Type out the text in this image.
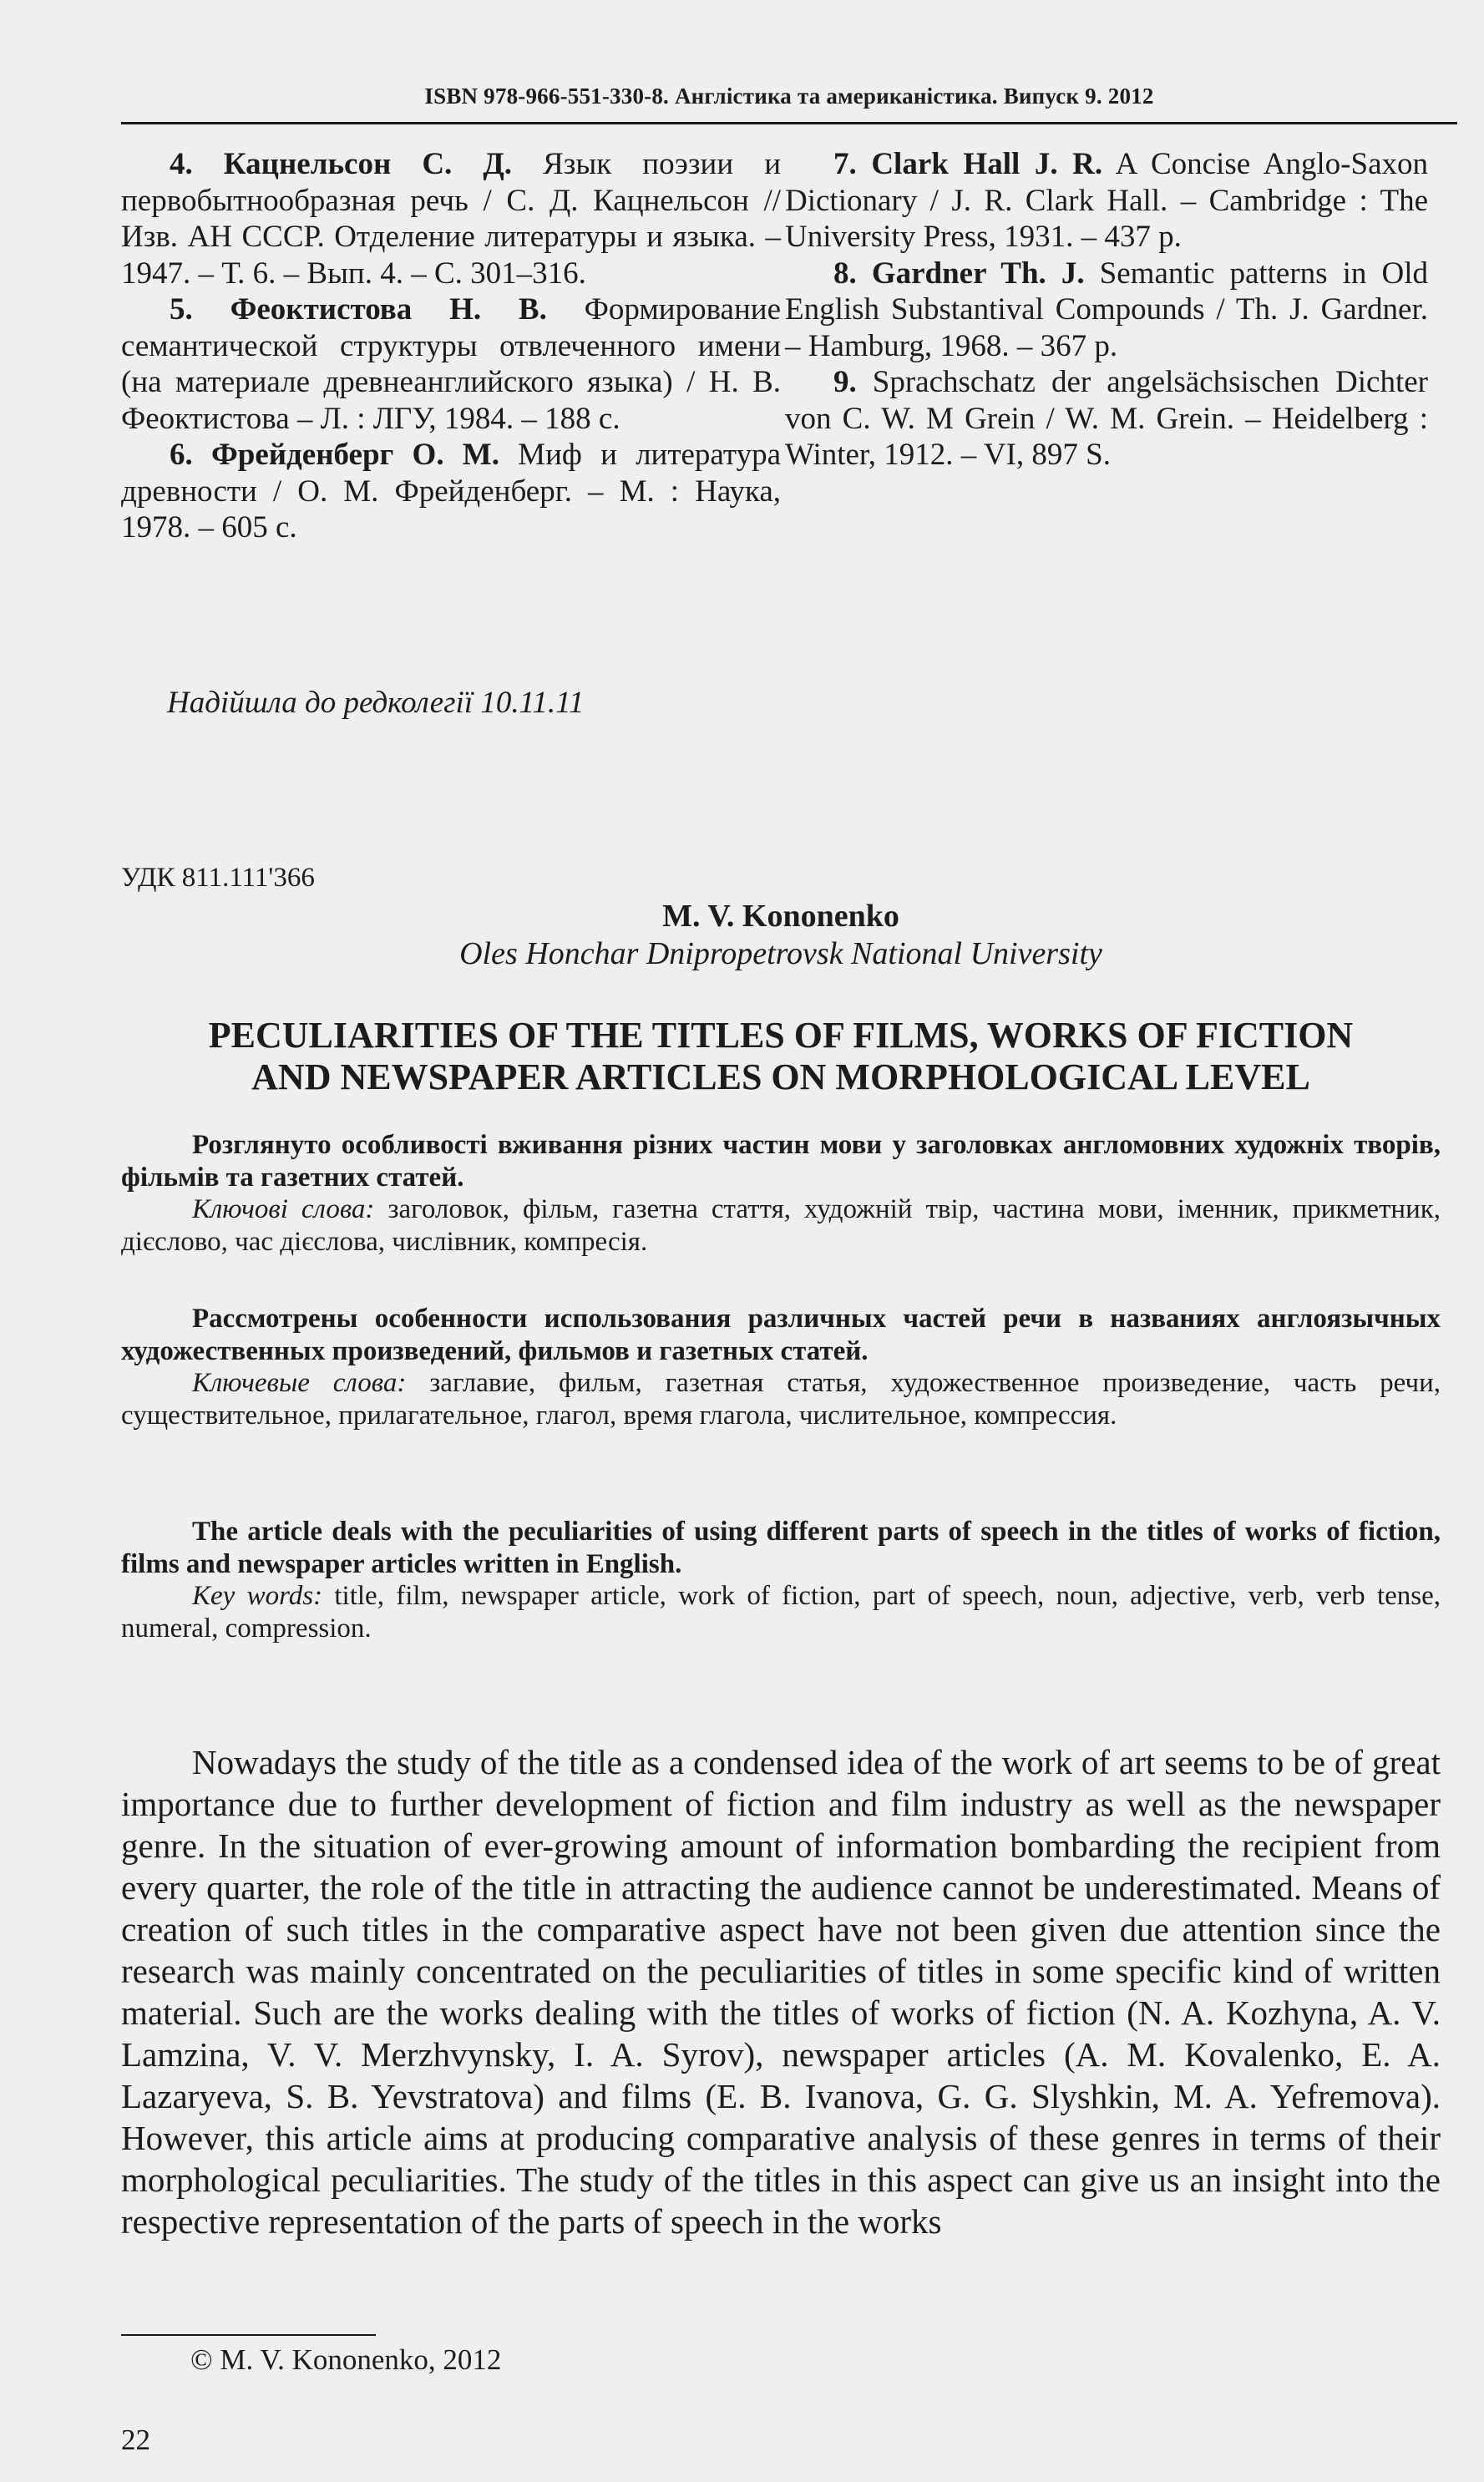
ISBN 978-966-551-330-8. Англістика та американістика. Випуск 9. 2012

4. Кацнельсон С. Д. Язык поэзии и первобытнообразная речь / С. Д. Кацнельсон // Изв. АН СССР. Отделение литературы и языка. – 1947. – Т. 6. – Вып. 4. – С. 301–316.

5. Феоктистова Н. В. Формирование семантической структуры отвлеченного имени (на материале древнеанглийского языка) / Н. В. Феоктистова – Л. : ЛГУ, 1984. – 188 с.

6. Фрейденберг О. М. Миф и литература древности / О. М. Фрейденберг. – М. : Наука, 1978. – 605 с.

7. Clark Hall J. R. A Concise Anglo-Saxon Dictionary / J. R. Clark Hall. – Cambridge : The University Press, 1931. – 437 p.

8. Gardner Th. J. Semantic patterns in Old English Substantival Compounds / Th. J. Gardner. – Hamburg, 1968. – 367 p.

9. Sprachschatz der angelsächsischen Dichter von C. W. M Grein / W. M. Grein. – Heidelberg : Winter, 1912. – VI, 897 S.

Надійшла до редколегії 10.11.11
УДК 811.111'366
M. V. Kononenko
Oles Honchar Dnipropetrovsk National University
PECULIARITIES OF THE TITLES OF FILMS, WORKS OF FICTION
AND NEWSPAPER ARTICLES ON MORPHOLOGICAL LEVEL

Розглянуто особливості вживання різних частин мови у заголовках англомовних художніх творів, фільмів та газетних статей.

Ключові слова: заголовок, фільм, газетна стаття, художній твір, частина мови, іменник, прикметник, дієслово, час дієслова, числівник, компресія.

Рассмотрены особенности использования различных частей речи в названиях англоязычных художественных произведений, фильмов и газетных статей.

Ключевые слова: заглавие, фильм, газетная статья, художественное произведение, часть речи, существительное, прилагательное, глагол, время глагола, числительное, компрессия.

The article deals with the peculiarities of using different parts of speech in the titles of works of fiction, films and newspaper articles written in English.

Key words: title, film, newspaper article, work of fiction, part of speech, noun, adjective, verb, verb tense, numeral, compression.

Nowadays the study of the title as a condensed idea of the work of art seems to be of great importance due to further development of fiction and film industry as well as the newspaper genre. In the situation of ever-growing amount of information bombarding the recipient from every quarter, the role of the title in attracting the audience cannot be underestimated. Means of creation of such titles in the comparative aspect have not been given due attention since the research was mainly concentrated on the peculiarities of titles in some specific kind of written material. Such are the works dealing with the titles of works of fiction (N. A. Kozhyna, A. V. Lamzina, V. V. Merzhvynsky, I. A. Syrov), newspaper articles (A. M. Kovalenko, E. A. Lazaryeva, S. B. Yevstratova) and films (E. B. Ivanova, G. G. Slyshkin, M. A. Yefremova). However, this article aims at producing comparative analysis of these genres in terms of their morphological peculiarities. The study of the titles in this aspect can give us an insight into the respective representation of the parts of speech in the works

© M. V. Kononenko, 2012
22
